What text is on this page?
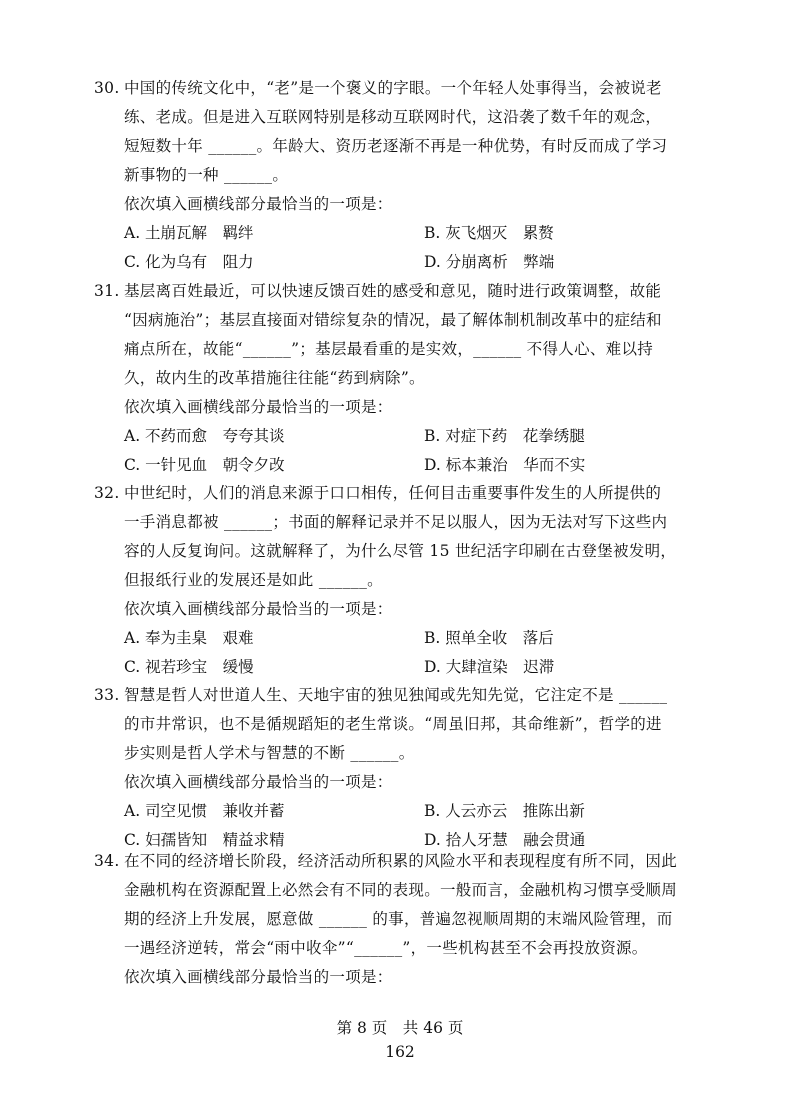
30. 中国的传统文化中，“老”是一个褒义的字眼。一个年轻人处事得当，会被说老
练、老成。但是进入互联网特别是移动互联网时代，这沿袭了数千年的观念，
短短数十年 ______。年龄大、资历老逐渐不再是一种优势，有时反而成了学习
新事物的一种 ______。
依次填入画横线部分最恰当的一项是：
A. 土崩瓦解　羁绊	B. 灰飞烟灭　累赘
C. 化为乌有　阻力	D. 分崩离析　弊端
31. 基层离百姓最近，可以快速反馈百姓的感受和意见，随时进行政策调整，故能
“因病施治”；基层直接面对错综复杂的情况，最了解体制机制改革中的症结和
痛点所在，故能“______”；基层最看重的是实效，______ 不得人心、难以持
久，故内生的改革措施往往能“药到病除”。
依次填入画横线部分最恰当的一项是：
A. 不药而愈　夸夸其谈	B. 对症下药　花拳绣腿
C. 一针见血　朝令夕改	D. 标本兼治　华而不实
32. 中世纪时，人们的消息来源于口口相传，任何目击重要事件发生的人所提供的
一手消息都被 ______；书面的解释记录并不足以服人，因为无法对写下这些内
容的人反复询问。这就解释了，为什么尽管 15 世纪活字印刷在古登堡被发明，
但报纸行业的发展还是如此 ______。
依次填入画横线部分最恰当的一项是：
A. 奉为圭臬　艰难	B. 照单全收　落后
C. 视若珍宝　缓慢	D. 大肆渲染　迟滞
33. 智慧是哲人对世道人生、天地宇宙的独见独闻或先知先觉，它注定不是 ______
的市井常识，也不是循规蹈矩的老生常谈。“周虽旧邦，其命维新”，哲学的进
步实则是哲人学术与智慧的不断 ______。
依次填入画横线部分最恰当的一项是：
A. 司空见惯　兼收并蓄	B. 人云亦云　推陈出新
C. 妇孺皆知　精益求精	D. 拾人牙慧　融会贯通
34. 在不同的经济增长阶段，经济活动所积累的风险水平和表现程度有所不同，因此
金融机构在资源配置上必然会有不同的表现。一般而言，金融机构习惯享受顺周
期的经济上升发展，愿意做 ______ 的事，普遍忽视顺周期的末端风险管理，而
一遇经济逆转，常会“雨中收伞”“______”，一些机构甚至不会再投放资源。
依次填入画横线部分最恰当的一项是：
第 8 页　共 46 页
162
